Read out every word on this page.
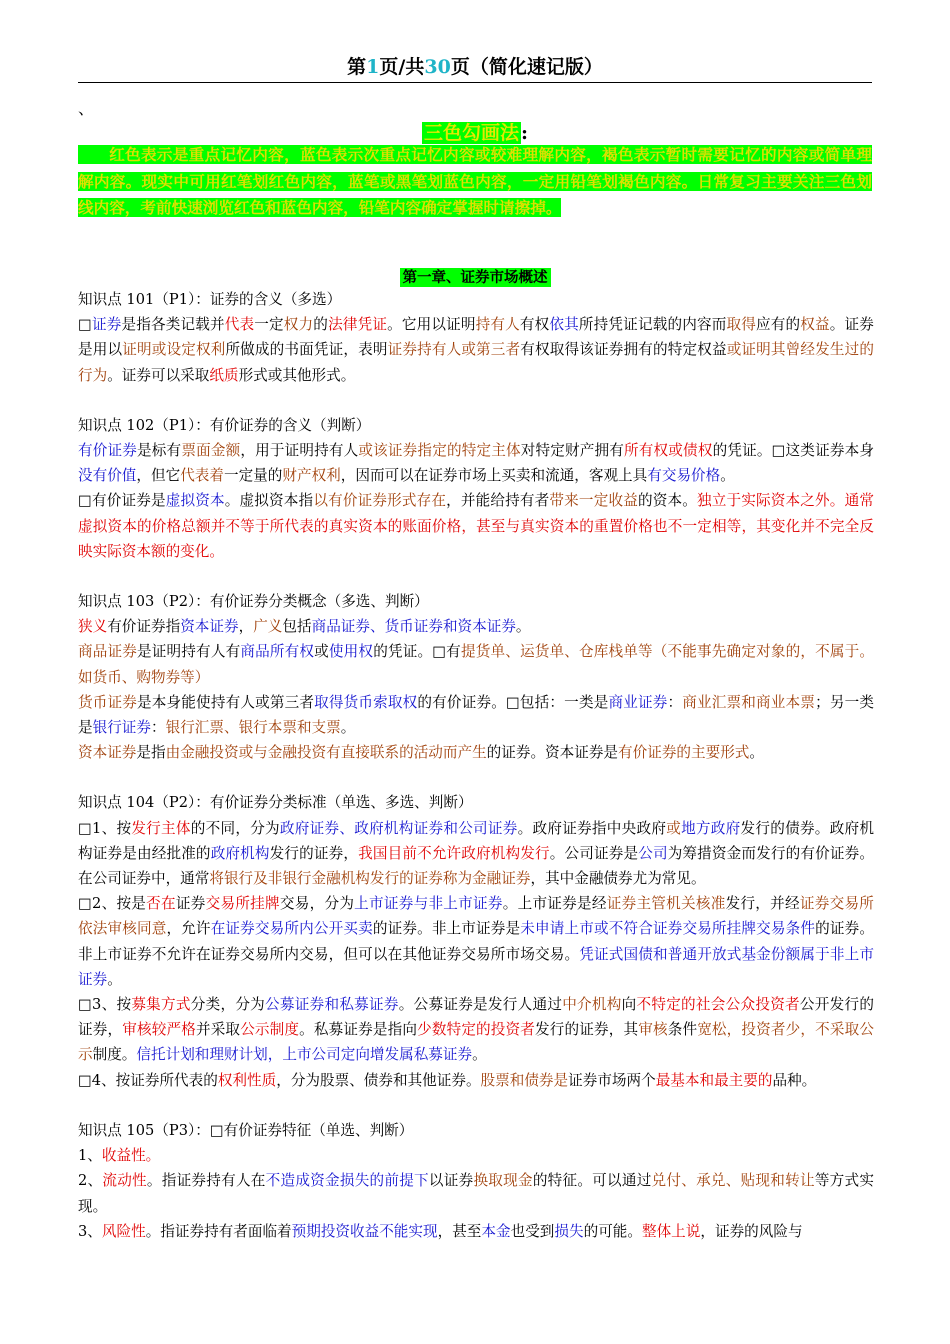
第1页/共30页（简化速记版）
、
三色勾画法 :
红色表示是重点记忆内容，蓝色表示次重点记忆内容或较难理解内容，褐色表示暂时需要记忆的内容或简单理解内容。现实中可用红笔划红色内容，蓝笔或黑笔划蓝色内容，一定用铅笔划褐色内容。日常复习主要关注三色划线内容，考前快速浏览红色和蓝色内容，铅笔内容确定掌握时请擦掉。
第一章、证券市场概述

知识点 101（P1）：证券的含义（多选）

□证券是指各类记载并代表一定权力的法律凭证。它用以证明持有人有权依其所持凭证记载的内容而取得应有的权益。证券是用以证明或设定权利所做成的书面凭证，表明证券持有人或第三者有权取得该证券拥有的特定权益或证明其曾经发生过的行为。证券可以采取纸质形式或其他形式。

知识点 102（P1）：有价证券的含义（判断）

有价证券是标有票面金额，用于证明持有人或该证券指定的特定主体对特定财产拥有所有权或债权的凭证。□这类证券本身没有价值，但它代表着一定量的财产权利，因而可以在证券市场上买卖和流通，客观上具有交易价格。

□有价证券是虚拟资本。虚拟资本指以有价证券形式存在，并能给持有者带来一定收益的资本。独立于实际资本之外。通常虚拟资本的价格总额并不等于所代表的真实资本的账面价格，甚至与真实资本的重置价格也不一定相等，其变化并不完全反映实际资本额的变化。

知识点 103（P2）：有价证券分类概念（多选、判断）

狭义有价证券指资本证券，广义包括商品证券、货币证券和资本证券。

商品证券是证明持有人有商品所有权或使用权的凭证。□有提货单、运货单、仓库栈单等（不能事先确定对象的，不属于。如货币、购物券等）

货币证券是本身能使持有人或第三者取得货币索取权的有价证券。□包括：一类是商业证券：商业汇票和商业本票；另一类是银行证券：银行汇票、银行本票和支票。

资本证券是指由金融投资或与金融投资有直接联系的活动而产生的证券。资本证券是有价证券的主要形式。

知识点 104（P2）：有价证券分类标准（单选、多选、判断）

□1、按发行主体的不同，分为政府证券、政府机构证券和公司证券。政府证券指中央政府或地方政府发行的债券。政府机构证券是由经批准的政府机构发行的证券，我国目前不允许政府机构发行。公司证券是公司为筹措资金而发行的有价证券。在公司证券中，通常将银行及非银行金融机构发行的证券称为金融证券，其中金融债券尤为常见。

□2、按是否在证券交易所挂牌交易，分为上市证券与非上市证券。上市证券是经证券主管机关核准发行，并经证券交易所依法审核同意，允许在证券交易所内公开买卖的证券。非上市证券是未申请上市或不符合证券交易所挂牌交易条件的证券。非上市证券不允许在证券交易所内交易，但可以在其他证券交易所市场交易。凭证式国债和普通开放式基金份额属于非上市证券。

□3、按募集方式分类，分为公募证券和私募证券。公募证券是发行人通过中介机构向不特定的社会公众投资者公开发行的证券，审核较严格并采取公示制度。私募证券是指向少数特定的投资者发行的证券，其审核条件宽松，投资者少，不采取公示制度。信托计划和理财计划，上市公司定向增发属私募证券。

□4、按证券所代表的权利性质，分为股票、债券和其他证券。股票和债券是证券市场两个最基本和最主要的品种。

知识点 105（P3）：□有价证券特征（单选、判断）

1、收益性。

2、流动性。指证券持有人在不造成资金损失的前提下以证券换取现金的特征。可以通过兑付、承兑、贴现和转让等方式实现。

3、风险性。指证券持有者面临着预期投资收益不能实现，甚至本金也受到损失的可能。整体上说，证券的风险与
